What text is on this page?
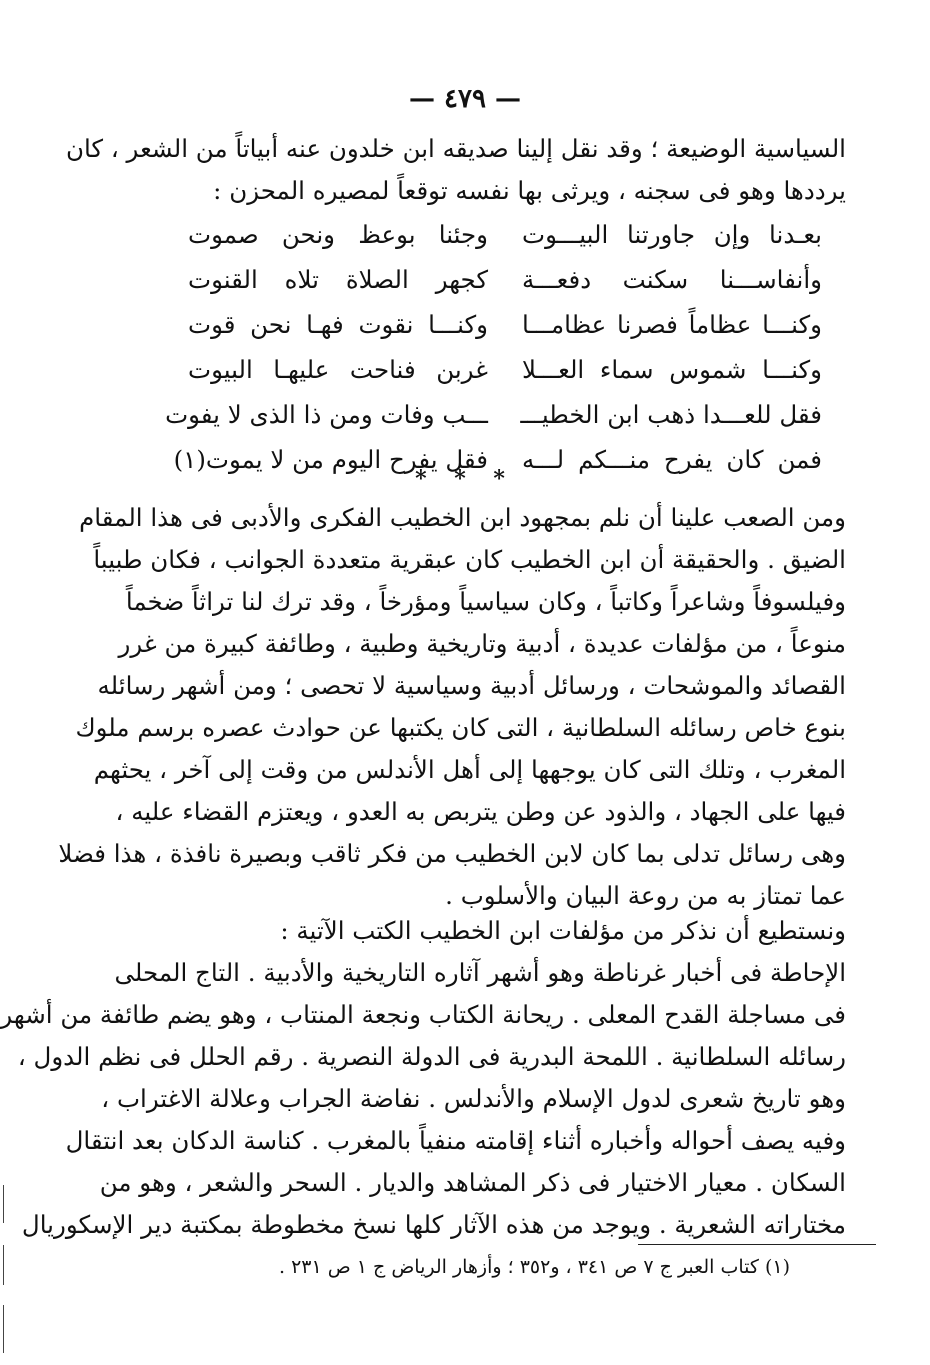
— ٤٧٩ —
السياسية الوضيعة ؛ وقد نقل إلينا صديقه ابن خلدون عنه أبياتاً من الشعر ، كان
يرددها وهو فى سجنه ، ويرثى بها نفسه توقعاً لمصيره المحزن :
بعـدنا وإن جاورتنا البيـــوت
وجئنا بوعظ ونحن صموت
وأنفاســـنا سكنت دفعـــة
كجهر الصلاة تلاه القنوت
وكنـــا عظاماً فصرنا عظامـــا
وكنـــا نقوت فهـا نحن قوت
وكنـــا شموس سماء العـــلا
غربن فناحت عليهـا البيوت
فقل للعـــدا ذهب ابن الخطيـــ
ـــب وفات ومن ذا الذى لا يفوت
فمن كان يفرح منـــكم لـــه
فقل يفرح اليوم من لا يموت(١)
* * *
ومن الصعب علينا أن نلم بمجهود ابن الخطيب الفكرى والأدبى فى هذا المقام
الضيق . والحقيقة أن ابن الخطيب كان عبقرية متعددة الجوانب ، فكان طبيباً
وفيلسوفاً وشاعراً وكاتباً ، وكان سياسياً ومؤرخاً ، وقد ترك لنا تراثاً ضخماً
منوعاً ، من مؤلفات عديدة ، أدبية وتاريخية وطبية ، وطائفة كبيرة من غرر
القصائد والموشحات ، ورسائل أدبية وسياسية لا تحصى ؛ ومن أشهر رسائله
بنوع خاص رسائله السلطانية ، التى كان يكتبها عن حوادث عصره برسم ملوك
المغرب ، وتلك التى كان يوجهها إلى أهل الأندلس من وقت إلى آخر ، يحثهم
فيها على الجهاد ، والذود عن وطن يتربص به العدو ، ويعتزم القضاء عليه ،
وهى رسائل تدلى بما كان لابن الخطيب من فكر ثاقب وبصيرة نافذة ، هذا فضلا
عما تمتاز به من روعة البيان والأسلوب .
ونستطيع أن نذكر من مؤلفات ابن الخطيب الكتب الآتية :
الإحاطة فى أخبار غرناطة وهو أشهر آثاره التاريخية والأدبية . التاج المحلى
فى مساجلة القدح المعلى . ريحانة الكتاب ونجعة المنتاب ، وهو يضم طائفة من أشهر
رسائله السلطانية . اللمحة البدرية فى الدولة النصرية . رقم الحلل فى نظم الدول ،
وهو تاريخ شعرى لدول الإسلام والأندلس . نفاضة الجراب وعلالة الاغتراب ،
وفيه يصف أحواله وأخباره أثناء إقامته منفياً بالمغرب . كناسة الدكان بعد انتقال
السكان . معيار الاختيار فى ذكر المشاهد والديار . السحر والشعر ، وهو من
مختاراته الشعرية . ويوجد من هذه الآثار كلها نسخ مخطوطة بمكتبة دير الإسكوريال
(١) كتاب العبر ج ٧ ص ٣٤١ ، و٣٥٢ ؛ وأزهار الرياض ج ١ ص ٢٣١ .
